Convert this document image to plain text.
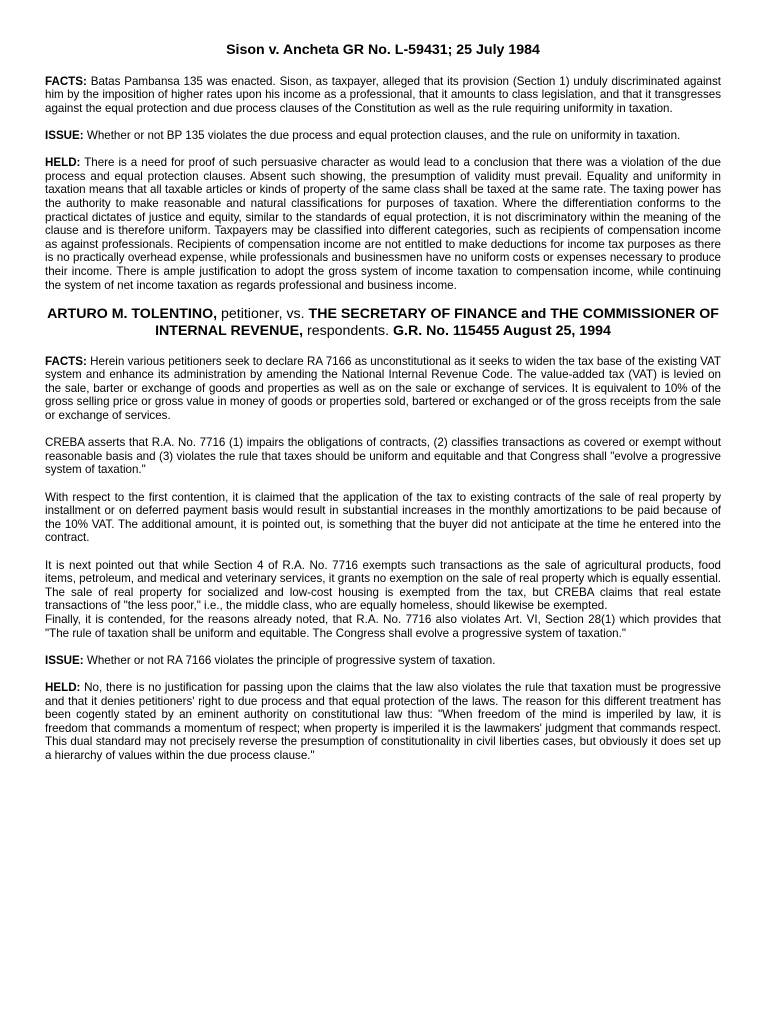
Sison v. Ancheta GR No. L-59431; 25 July 1984

FACTS: Batas Pambansa 135 was enacted. Sison, as taxpayer, alleged that its provision (Section 1) unduly discriminated against him by the imposition of higher rates upon his income as a professional, that it amounts to class legislation, and that it transgresses against the equal protection and due process clauses of the Constitution as well as the rule requiring uniformity in taxation.

ISSUE: Whether or not BP 135 violates the due process and equal protection clauses, and the rule on uniformity in taxation.

HELD: There is a need for proof of such persuasive character as would lead to a conclusion that there was a violation of the due process and equal protection clauses. Absent such showing, the presumption of validity must prevail. Equality and uniformity in taxation means that all taxable articles or kinds of property of the same class shall be taxed at the same rate. The taxing power has the authority to make reasonable and natural classifications for purposes of taxation. Where the differentiation conforms to the practical dictates of justice and equity, similar to the standards of equal protection, it is not discriminatory within the meaning of the clause and is therefore uniform. Taxpayers may be classified into different categories, such as recipients of compensation income as against professionals. Recipients of compensation income are not entitled to make deductions for income tax purposes as there is no practically overhead expense, while professionals and businessmen have no uniform costs or expenses necessary to produce their income. There is ample justification to adopt the gross system of income taxation to compensation income, while continuing the system of net income taxation as regards professional and business income.

ARTURO M. TOLENTINO, petitioner, vs. THE SECRETARY OF FINANCE and THE COMMISSIONER OF INTERNAL REVENUE, respondents. G.R. No. 115455 August 25, 1994

FACTS: Herein various petitioners seek to declare RA 7166 as unconstitutional as it seeks to widen the tax base of the existing VAT system and enhance its administration by amending the National Internal Revenue Code. The value-added tax (VAT) is levied on the sale, barter or exchange of goods and properties as well as on the sale or exchange of services. It is equivalent to 10% of the gross selling price or gross value in money of goods or properties sold, bartered or exchanged or of the gross receipts from the sale or exchange of services.

CREBA asserts that R.A. No. 7716 (1) impairs the obligations of contracts, (2) classifies transactions as covered or exempt without reasonable basis and (3) violates the rule that taxes should be uniform and equitable and that Congress shall "evolve a progressive system of taxation."

With respect to the first contention, it is claimed that the application of the tax to existing contracts of the sale of real property by installment or on deferred payment basis would result in substantial increases in the monthly amortizations to be paid because of the 10% VAT. The additional amount, it is pointed out, is something that the buyer did not anticipate at the time he entered into the contract.

It is next pointed out that while Section 4 of R.A. No. 7716 exempts such transactions as the sale of agricultural products, food items, petroleum, and medical and veterinary services, it grants no exemption on the sale of real property which is equally essential. The sale of real property for socialized and low-cost housing is exempted from the tax, but CREBA claims that real estate transactions of "the less poor," i.e., the middle class, who are equally homeless, should likewise be exempted.

Finally, it is contended, for the reasons already noted, that R.A. No. 7716 also violates Art. VI, Section 28(1) which provides that "The rule of taxation shall be uniform and equitable. The Congress shall evolve a progressive system of taxation."

ISSUE: Whether or not RA 7166 violates the principle of progressive system of taxation.

HELD: No, there is no justification for passing upon the claims that the law also violates the rule that taxation must be progressive and that it denies petitioners' right to due process and that equal protection of the laws. The reason for this different treatment has been cogently stated by an eminent authority on constitutional law thus: "When freedom of the mind is imperiled by law, it is freedom that commands a momentum of respect; when property is imperiled it is the lawmakers' judgment that commands respect. This dual standard may not precisely reverse the presumption of constitutionality in civil liberties cases, but obviously it does set up a hierarchy of values within the due process clause."
